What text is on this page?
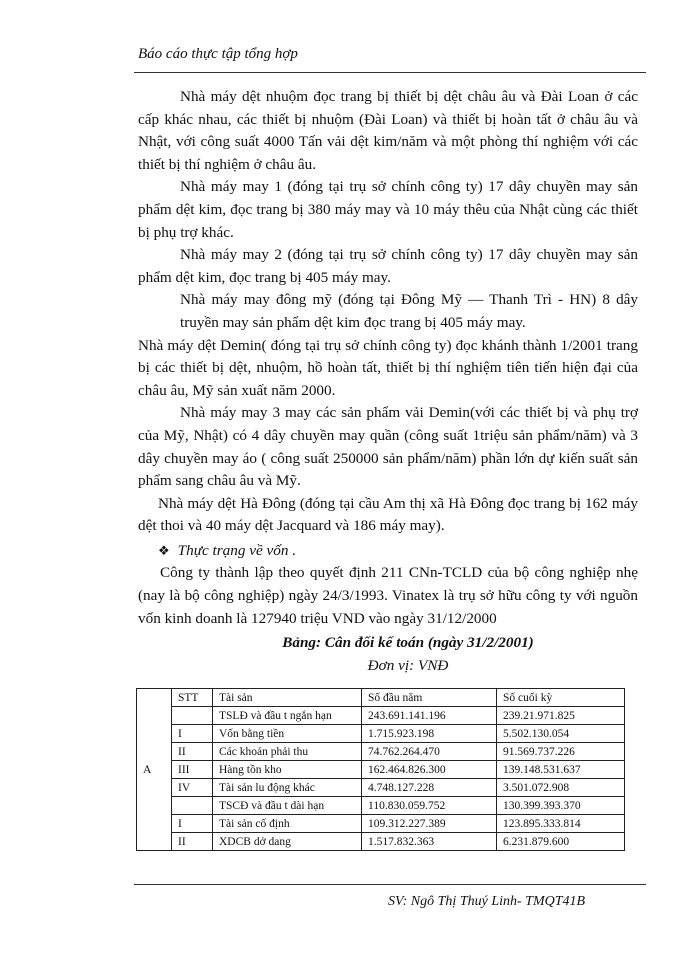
Báo cáo thực tập tổng hợp

Nhà máy dệt nhuộm đọc trang bị thiết bị dệt châu âu và Đài Loan ở các cấp khác nhau, các thiết bị nhuộm (Đài Loan) và thiết bị hoàn tất ở châu âu và Nhật, với công suất 4000 Tấn vải dệt kim/năm và một phòng thí nghiệm với các thiết bị thí nghiệm ở châu âu.

Nhà máy may 1 (đóng tại trụ sở chính công ty) 17 dây chuyền may sản phẩm dệt kim, đọc trang bị 380 máy may và 10 máy thêu của Nhật cùng các thiết bị phụ trợ khác.

Nhà máy may 2 (đóng tại trụ sở chính công ty) 17 dây chuyền may sản phẩm dệt kim, đọc trang bị 405 máy may.

Nhà máy may đông mỹ (đóng tại Đông Mỹ — Thanh Trì - HN) 8 dây truyền may sản phẩm dệt kim đọc trang bị 405 máy may.

Nhà máy dệt Demin( đóng tại trụ sở chính công ty) đọc khánh thành 1/2001 trang bị các thiết bị dệt, nhuộm, hồ hoàn tất, thiết bị thí nghiệm tiên tiến hiện đại của châu âu, Mỹ sản xuất năm 2000.

Nhà máy may 3 may các sản phẩm vải Demin(với các thiết bị và phụ trợ của Mỹ, Nhật) có 4 dây chuyền may quần (công suất 1triệu sản phẩm/năm) và 3 dây chuyền may áo ( công suất 250000 sản phẩm/năm) phần lớn dự kiến suất sản phẩm sang châu âu và Mỹ.

Nhà máy dệt Hà Đông (đóng tại cầu Am thị xã Hà Đông đọc trang bị 162 máy dệt thoi và 40 máy dệt Jacquard và 186 máy may).

❖ Thực trạng về vốn .

Công ty thành lập theo quyết định 211 CNn-TCLD của bộ công nghiệp nhẹ (nay là bộ công nghiệp) ngày 24/3/1993. Vinatex là trụ sở hữu công ty với nguồn vốn kinh doanh là 127940 triệu VND vào ngày 31/12/2000

Bảng: Cân đối kế toán (ngày 31/2/2001)
Đơn vị: VNĐ
A	STT	Tài sản	Số đầu năm	Số cuối kỳ
		TSLĐ và đầu t ngắn hạn	243.691.141.196	239.21.971.825
	I	Vốn bằng tiền	1.715.923.198	5.502.130.054
	II	Các khoản phải thu	74.762.264.470	91.569.737.226
	III	Hàng tồn kho	162.464.826.300	139.148.531.637
	IV	Tài sản lu động khác	4.748.127.228	3.501.072.908
		TSCĐ và đầu t dài hạn	110.830.059.752	130.399.393.370
	I	Tài sản cố định	109.312.227.389	123.895.333.814
	II	XDCB dở dang	1.517.832.363	6.231.879.600
SV: Ngô Thị Thuý Linh- TMQT41B
